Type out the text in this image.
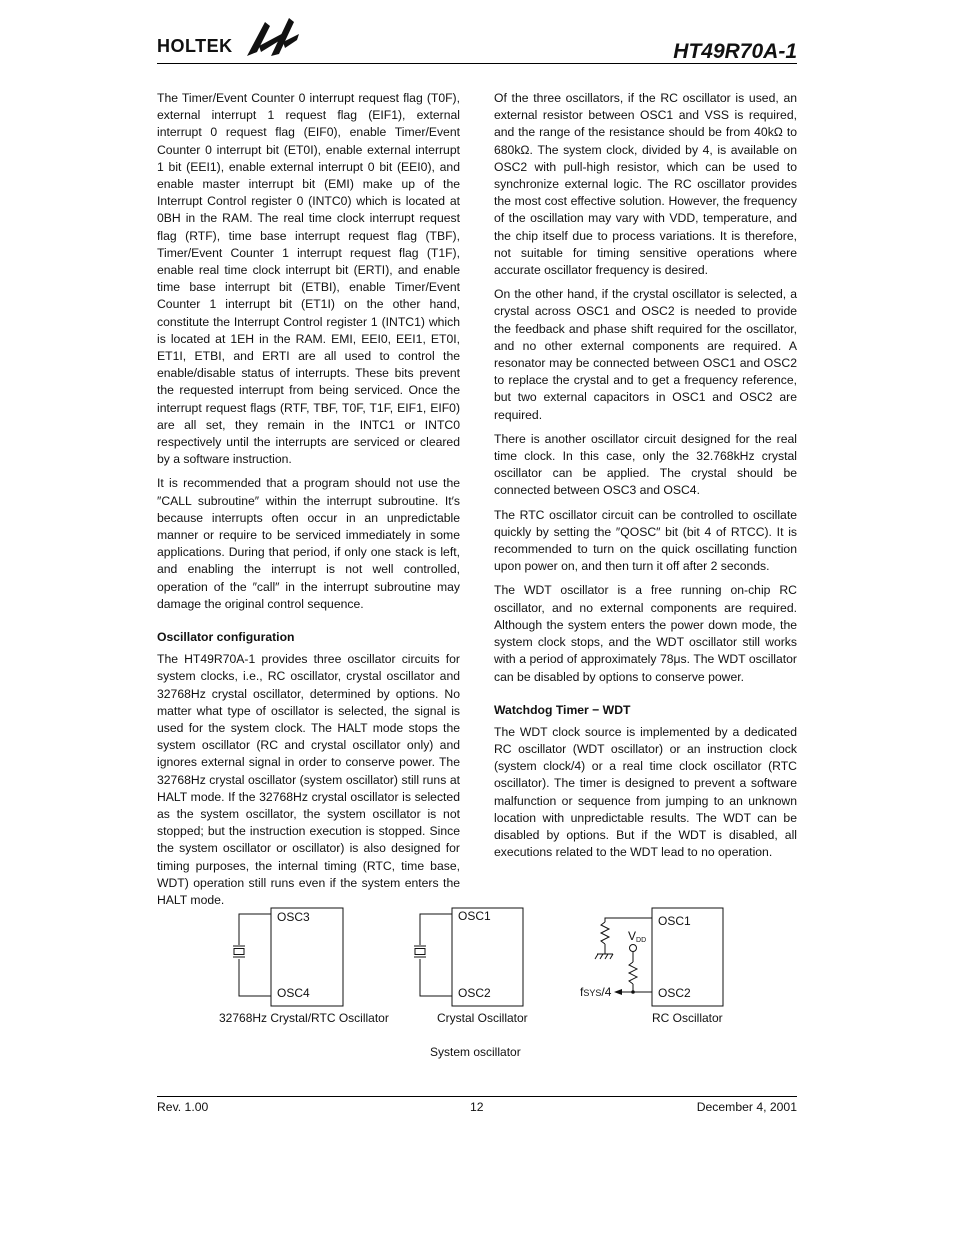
HOLTEK	HT49R70A-1

The Timer/Event Counter 0 interrupt request flag (T0F), external interrupt 1 request flag (EIF1), external interrupt 0 request flag (EIF0), enable Timer/Event Counter 0 interrupt bit (ET0I), enable external interrupt 1 bit (EEI1), enable external interrupt 0 bit (EEI0), and enable master interrupt bit (EMI) make up of the Interrupt Control register 0 (INTC0) which is located at 0BH in the RAM. The real time clock interrupt request flag (RTF), time base interrupt request flag (TBF), Timer/Event Counter 1 interrupt request flag (T1F), enable real time clock interrupt bit (ERTI), and enable time base interrupt bit (ETBI), enable Timer/Event Counter 1 interrupt bit (ET1I) on the other hand, constitute the Interrupt Control register 1 (INTC1) which is located at 1EH in the RAM. EMI, EEI0, EEI1, ET0I, ET1I, ETBI, and ERTI are all used to control the enable/disable status of interrupts. These bits prevent the requested interrupt from being serviced. Once the interrupt request flags (RTF, TBF, T0F, T1F, EIF1, EIF0) are all set, they remain in the INTC1 or INTC0 respectively until the interrupts are serviced or cleared by a software instruction.

It is recommended that a program should not use the ″CALL subroutine″ within the interrupt subroutine. It′s because interrupts often occur in an unpredictable manner or require to be serviced immediately in some applications. During that period, if only one stack is left, and enabling the interrupt is not well controlled, operation of the ″call″ in the interrupt subroutine may damage the original control sequence.

Oscillator configuration

The HT49R70A-1 provides three oscillator circuits for system clocks, i.e., RC oscillator, crystal oscillator and 32768Hz crystal oscillator, determined by options. No matter what type of oscillator is selected, the signal is used for the system clock. The HALT mode stops the system oscillator (RC and crystal oscillator only) and ignores external signal in order to conserve power. The 32768Hz crystal oscillator (system oscillator) still runs at HALT mode. If the 32768Hz crystal oscillator is selected as the system oscillator, the system oscillator is not stopped; but the instruction execution is stopped. Since the system oscillator or oscillator) is also designed for timing purposes, the internal timing (RTC, time base, WDT) operation still runs even if the system enters the HALT mode.

Of the three oscillators, if the RC oscillator is used, an external resistor between OSC1 and VSS is required, and the range of the resistance should be from 40kΩ to 680kΩ. The system clock, divided by 4, is available on OSC2 with pull-high resistor, which can be used to synchronize external logic. The RC oscillator provides the most cost effective solution. However, the frequency of the oscillation may vary with VDD, temperature, and the chip itself due to process variations. It is therefore, not suitable for timing sensitive operations where accurate oscillator frequency is desired.

On the other hand, if the crystal oscillator is selected, a crystal across OSC1 and OSC2 is needed to provide the feedback and phase shift required for the oscillator, and no other external components are required. A resonator may be connected between OSC1 and OSC2 to replace the crystal and to get a frequency reference, but two external capacitors in OSC1 and OSC2 are required.

There is another oscillator circuit designed for the real time clock. In this case, only the 32.768kHz crystal oscillator can be applied. The crystal should be connected between OSC3 and OSC4.

The RTC oscillator circuit can be controlled to oscillate quickly by setting the ″QOSC″ bit (bit 4 of RTCC). It is recommended to turn on the quick oscillating function upon power on, and then turn it off after 2 seconds.

The WDT oscillator is a free running on-chip RC oscillator, and no external components are required. Although the system enters the power down mode, the system clock stops, and the WDT oscillator still works with a period of approximately 78μs. The WDT oscillator can be disabled by options to conserve power.

Watchdog Timer − WDT

The WDT clock source is implemented by a dedicated RC oscillator (WDT oscillator) or an instruction clock (system clock/4) or a real time clock oscillator (RTC oscillator). The timer is designed to prevent a software malfunction or sequence from jumping to an unknown location with unpredictable results. The WDT can be disabled by options. But if the WDT is disabled, all executions related to the WDT lead to no operation.

OSC3
OSC4
OSC1
OSC2
VDD
fSYS/4
OSC1
OSC2
32768Hz Crystal/RTC Oscillator	Crystal Oscillator	RC Oscillator
System oscillator
Rev. 1.00	12	December 4, 2001
